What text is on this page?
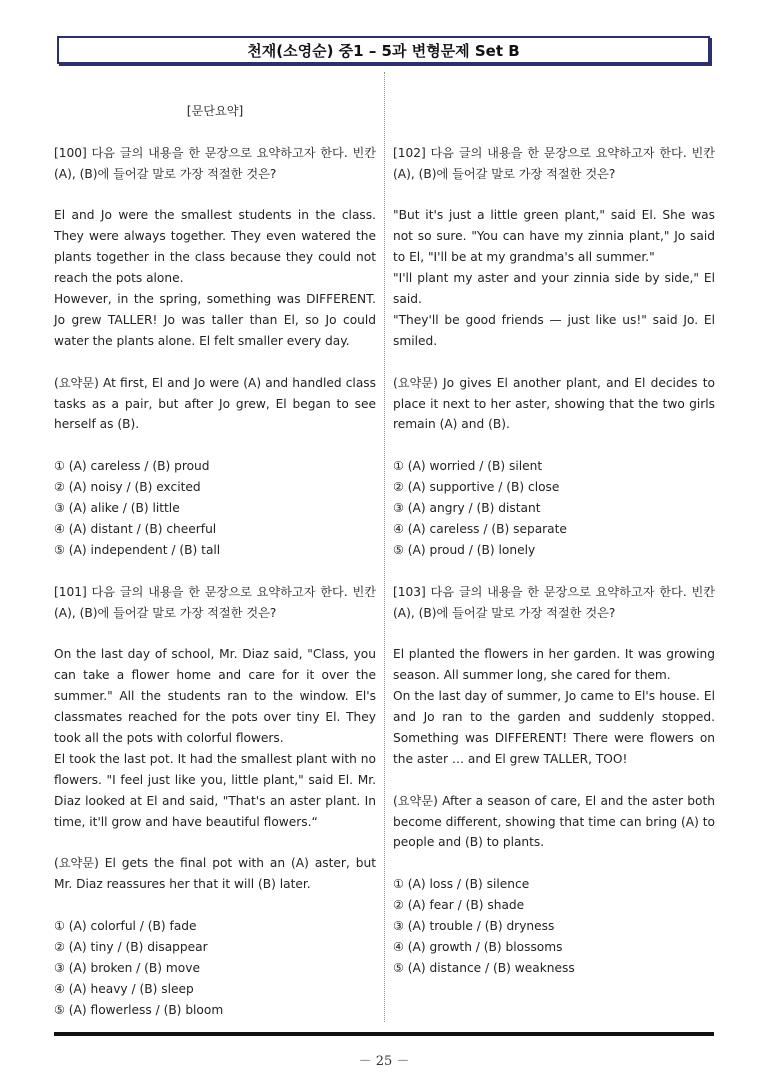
천재(소영순) 중1 – 5과 변형문제 Set B

[문단요약]

[100] 다음 글의 내용을 한 문장으로 요약하고자 한다. 빈칸 (A), (B)에 들어갈 말로 가장 적절한 것은?

El and Jo were the smallest students in the class. They were always together. They even watered the plants together in the class because they could not reach the pots alone.

However, in the spring, something was DIFFERENT. Jo grew TALLER! Jo was taller than El, so Jo could water the plants alone. El felt smaller every day.

(요약문) At first, El and Jo were (A) and handled class tasks as a pair, but after Jo grew, El began to see herself as (B).

① (A) careless / (B) proud

② (A) noisy / (B) excited

③ (A) alike / (B) little

④ (A) distant / (B) cheerful

⑤ (A) independent / (B) tall

[101] 다음 글의 내용을 한 문장으로 요약하고자 한다. 빈칸 (A), (B)에 들어갈 말로 가장 적절한 것은?

On the last day of school, Mr. Diaz said, "Class, you can take a flower home and care for it over the summer." All the students ran to the window. El's classmates reached for the pots over tiny El. They took all the pots with colorful flowers.

El took the last pot. It had the smallest plant with no flowers. "I feel just like you, little plant," said El. Mr. Diaz looked at El and said, "That's an aster plant. In time, it'll grow and have beautiful flowers.“

(요약문) El gets the final pot with an (A) aster, but Mr. Diaz reassures her that it will (B) later.

① (A) colorful / (B) fade

② (A) tiny / (B) disappear

③ (A) broken / (B) move

④ (A) heavy / (B) sleep

⑤ (A) flowerless / (B) bloom

[102] 다음 글의 내용을 한 문장으로 요약하고자 한다. 빈칸 (A), (B)에 들어갈 말로 가장 적절한 것은?

"But it's just a little green plant," said El. She was not so sure. "You can have my zinnia plant," Jo said to El, "I'll be at my grandma's all summer."

"I'll plant my aster and your zinnia side by side," El said.

"They'll be good friends — just like us!" said Jo. El smiled.

(요약문) Jo gives El another plant, and El decides to place it next to her aster, showing that the two girls remain (A) and (B).

① (A) worried / (B) silent

② (A) supportive / (B) close

③ (A) angry / (B) distant

④ (A) careless / (B) separate

⑤ (A) proud / (B) lonely

[103] 다음 글의 내용을 한 문장으로 요약하고자 한다. 빈칸 (A), (B)에 들어갈 말로 가장 적절한 것은?

El planted the flowers in her garden. It was growing season. All summer long, she cared for them.

On the last day of summer, Jo came to El's house. El and Jo ran to the garden and suddenly stopped. Something was DIFFERENT! There were flowers on the aster … and El grew TALLER, TOO!

(요약문) After a season of care, El and the aster both become different, showing that time can bring (A) to people and (B) to plants.

① (A) loss / (B) silence

② (A) fear / (B) shade

③ (A) trouble / (B) dryness

④ (A) growth / (B) blossoms

⑤ (A) distance / (B) weakness

－ 25 －
